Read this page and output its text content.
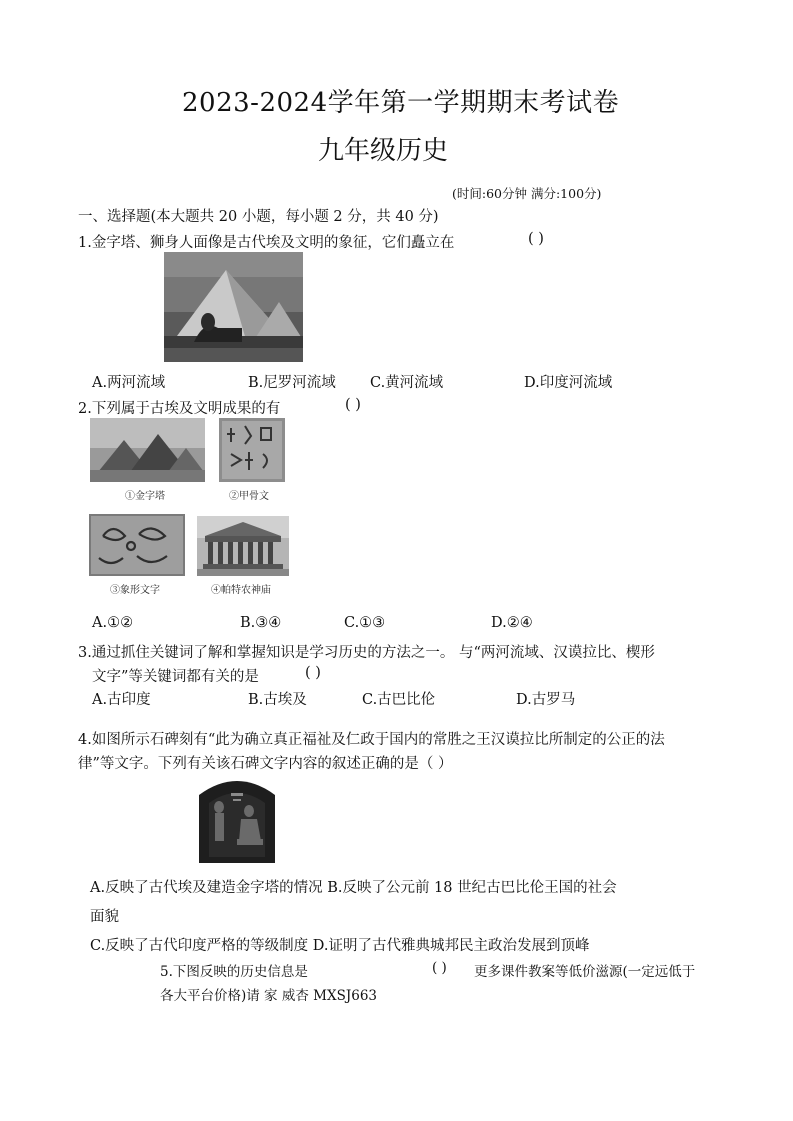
2023-2024学年第一学期期末考试卷
九年级历史
(时间:60分钟 满分:100分)
一、选择题(本大题共 20 小题，每小题 2 分，共 40 分)
1.金字塔、狮身人面像是古代埃及文明的象征，它们矗立在	( )
A.两河流域	B.尼罗河流域 C.黄河流域	D.印度河流域
2.下列属于古埃及文明成果的有	( )
①金字塔	②甲骨文
③象形文字	④帕特农神庙
A.①②	B.③④	C.①③	D.②④
3.通过抓住关键词了解和掌握知识是学习历史的方法之一。 与“两河流域、汉谟拉比、楔形
文字”等关键词都有关的是	( )
A.古印度	B.古埃及	C.古巴比伦	D.古罗马
4.如图所示石碑刻有“此为确立真正福祉及仁政于国内的常胜之王汉谟拉比所制定的公正的法
律”等文字。下列有关该石碑文字内容的叙述正确的是（ ）
A.反映了古代埃及建造金字塔的情况 B.反映了公元前 18 世纪古巴比伦王国的社会
面貌
C.反映了古代印度严格的等级制度 D.证明了古代雅典城邦民主政治发展到顶峰
5.下图反映的历史信息是	( ) 更多课件教案等低价滋源(一定远低于
各大平台价格)请 家 威杏 MXSJ663
